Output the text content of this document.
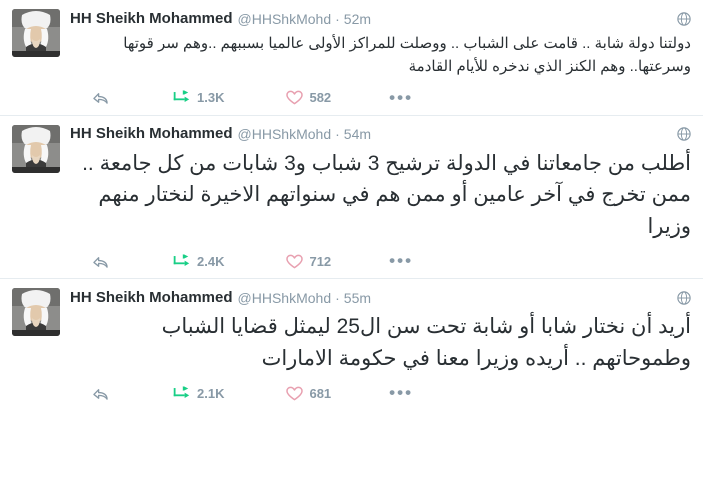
HH Sheikh Mohammed @HHShkMohd · 52m
دولتنا دولة شابة .. قامت على الشباب .. ووصلت للمراكز الأولى عالميا بسببهم ..وهم سر قوتها وسرعتها.. وهم الكنز الذي ندخره للأيام القادمة
1.3K	582	•••
HH Sheikh Mohammed @HHShkMohd · 54m
أطلب من جامعاتنا في الدولة ترشيح 3 شباب و3 شابات من كل جامعة .. ممن تخرج في آخر عامين أو ممن هم في سنواتهم الاخيرة لنختار منهم وزيرا
2.4K	712	•••
HH Sheikh Mohammed @HHShkMohd · 55m
أريد أن نختار شابا أو شابة تحت سن ال25 ليمثل قضايا الشباب وطموحاتهم .. أريده وزيرا معنا في حكومة الامارات
2.1K	681	•••
